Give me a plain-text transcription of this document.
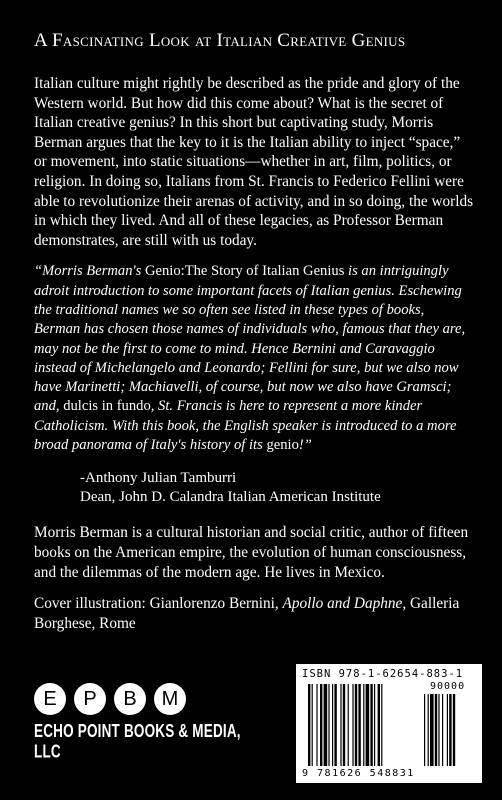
A Fascinating Look at Italian Creative Genius

Italian culture might rightly be described as the pride and glory of the Western world. But how did this come about? What is the secret of Italian creative genius? In this short but captivating study, Morris Berman argues that the key to it is the Italian ability to inject “space,” or movement, into static situations—whether in art, film, politics, or religion. In doing so, Italians from St. Francis to Federico Fellini were able to revolutionize their arenas of activity, and in so doing, the worlds in which they lived. And all of these legacies, as Professor Berman demonstrates, are still with us today.

“Morris Berman's Genio:The Story of Italian Genius is an intriguingly adroit introduction to some important facets of Italian genius. Eschewing the traditional names we so often see listed in these types of books, Berman has chosen those names of individuals who, famous that they are, may not be the first to come to mind. Hence Bernini and Caravaggio instead of Michelangelo and Leonardo; Fellini for sure, but we also now have Marinetti; Machiavelli, of course, but now we also have Gramsci; and, dulcis in fundo, St. Francis is here to represent a more kinder Catholicism. With this book, the English speaker is introduced to a more broad panorama of Italy's history of its genio!”

-Anthony Julian Tamburri
Dean, John D. Calandra Italian American Institute

Morris Berman is a cultural historian and social critic, author of fifteen books on the American empire, the evolution of human consciousness, and the dilemmas of the modern age. He lives in Mexico.

Cover illustration: Gianlorenzo Bernini, Apollo and Daphne, Galleria Borghese, Rome

E	P	B	M
ECHO POINT BOOKS & MEDIA, LLC
ISBN 978-1-62654-883-1
90000
9 781626 548831
